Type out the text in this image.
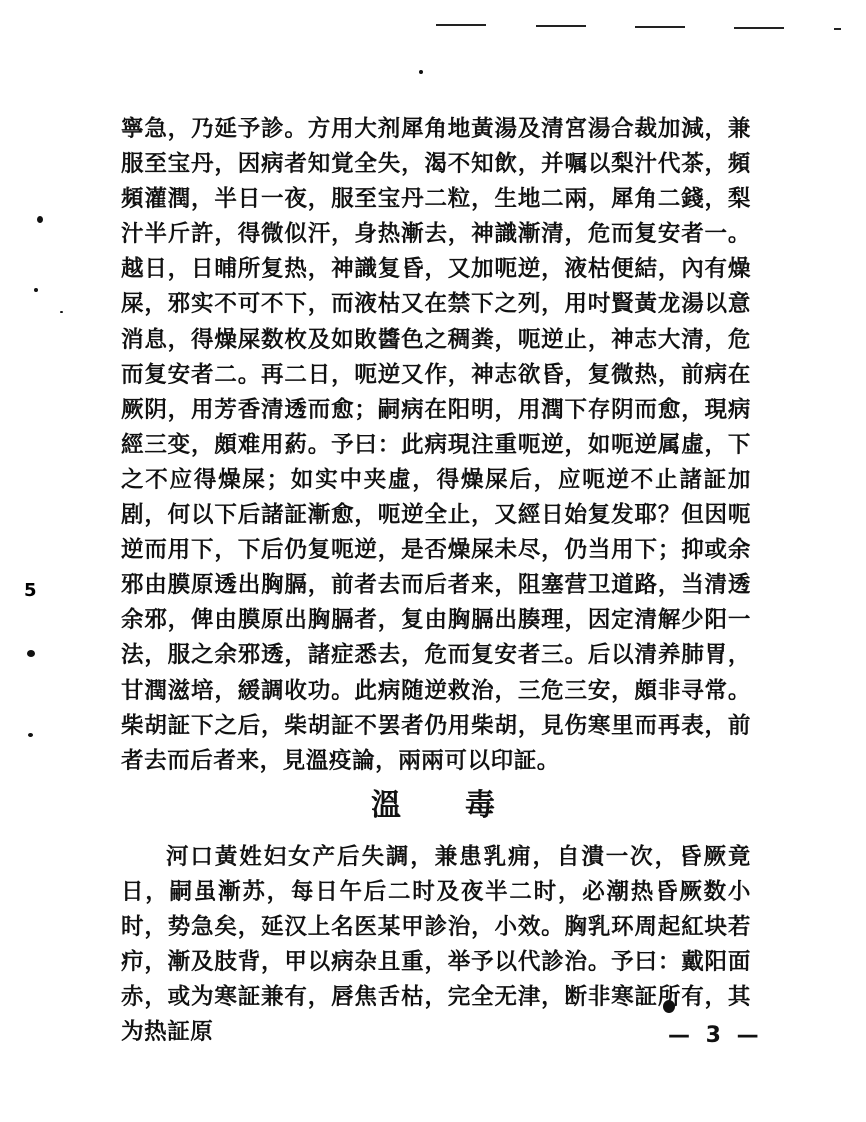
5

寧急，乃延予診。方用大剂犀角地黃湯及清宮湯合裁加減，兼服至宝丹，因病者知覚全失，渴不知飲，并嘱以梨汁代茶，頻頻灌潤，半日一夜，服至宝丹二粒，生地二兩，犀角二錢，梨汁半斤許，得微似汗，身热漸去，神識漸清，危而复安者一。越日，日晡所复热，神識复昏，又加呃逆，液枯便結，內有燥屎，邪实不可不下，而液枯又在禁下之列，用吋賢黃龙湯以意消息，得燥屎数枚及如敗醬色之稠粪，呃逆止，神志大清，危而复安者二。再二日，呃逆又作，神志欲昏，复微热，前病在厥阴，用芳香清透而愈；嗣病在阳明，用潤下存阴而愈，現病經三变，頗难用葯。予曰：此病現注重呃逆，如呃逆属虛，下之不应得燥屎；如实中夹虛，得燥屎后，应呃逆不止諸証加剧，何以下后諸証漸愈，呃逆全止，又經日始复发耶？但因呃逆而用下，下后仍复呃逆，是否燥屎未尽，仍当用下；抑或余邪由膜原透出胸膈，前者去而后者来，阻塞营卫道路，当清透余邪，俾由膜原出胸膈者，复由胸膈出腠理，因定清解少阳一法，服之余邪透，諸症悉去，危而复安者三。后以清养肺胃，甘潤滋培，緩調收功。此病随逆救治，三危三安，頗非寻常。柴胡証下之后，柴胡証不罢者仍用柴胡，見伤寒里而再表，前者去而后者来，見溫疫論，兩兩可以印証。

溫毒

河口黃姓妇女产后失調，兼患乳痈，自潰一次，昏厥竟日，嗣虽漸苏，每日午后二时及夜半二时，必潮热昏厥数小时，势急矣，延汉上名医某甲診治，小效。胸乳环周起紅块若疖，漸及肢背，甲以病杂且重，举予以代診治。予曰：戴阳面赤，或为寒証兼有，唇焦舌枯，完全无津，断非寒証所有，其为热証原	— 3 —
